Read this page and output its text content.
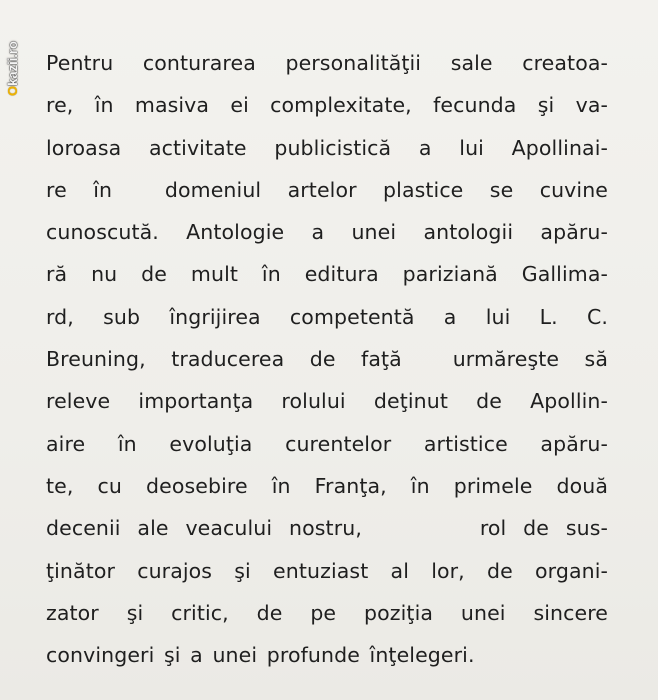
Okazii.ro Pentru conturarea personalităţii sale creatoa-
re, în masiva ei complexitate, fecunda şi va-
loroasa activitate publicistică a lui Apollinai-
re în  domeniul artelor plastice se cuvine
cunoscută. Antologie a unei antologii apăru-
ră nu de mult în editura pariziană Gallima-
rd, sub îngrijirea competentă a lui L. C.
Breuning, traducerea de faţă  urmăreşte să
releve importanţa rolului deţinut de Apollin-
aire în evoluţia curentelor artistice apăru-
te, cu deosebire în Franţa, în primele două
decenii ale veacului nostru,       rol de sus-
ţinător curajos şi entuziast al lor, de organi-
zator şi critic, de pe poziţia unei sincere
convingeri şi a unei profunde înţelegeri.
